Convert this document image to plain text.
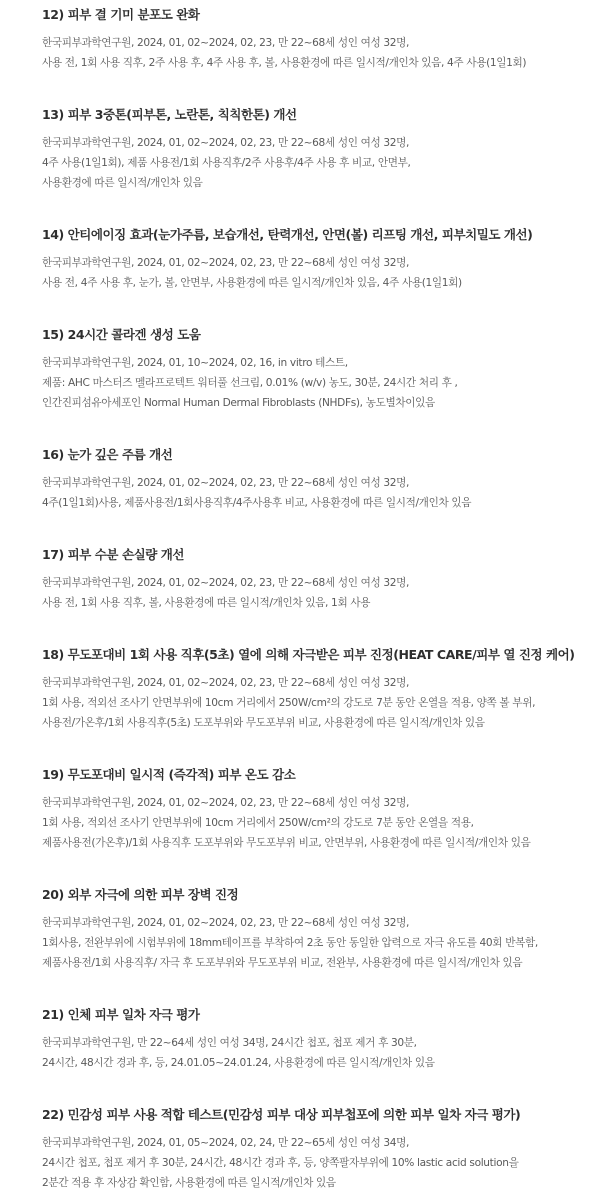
12) 피부 결 기미 분포도 완화
한국피부과학연구원, 2024, 01, 02~2024, 02, 23, 만 22~68세 성인 여성 32명,
사용 전, 1회 사용 직후, 2주 사용 후, 4주 사용 후, 볼, 사용환경에 따른 일시적/개인차 있음, 4주 사용(1일1회)
13) 피부 3중톤(피부톤, 노란톤, 칙칙한톤) 개선
한국피부과학연구원, 2024, 01, 02~2024, 02, 23, 만 22~68세 성인 여성 32명,
4주 사용(1일1회), 제품 사용전/1회 사용직후/2주 사용후/4주 사용 후 비교, 안면부,
사용환경에 따른 일시적/개인차 있음
14) 안티에이징 효과(눈가주름, 보습개선, 탄력개선, 안면(볼) 리프팅 개선, 피부치밀도 개선)
한국피부과학연구원, 2024, 01, 02~2024, 02, 23, 만 22~68세 성인 여성 32명,
사용 전, 4주 사용 후, 눈가, 볼, 안면부, 사용환경에 따른 일시적/개인차 있음, 4주 사용(1일1회)
15) 24시간 콜라겐 생성 도움
한국피부과학연구원, 2024, 01, 10~2024, 02, 16, in vitro 테스트,
제품: AHC 마스터즈 멜라프로텍트 워터풀 선크림, 0.01% (w/v) 농도, 30분, 24시간 처리 후 ,
인간진피섬유아세포인 Normal Human Dermal Fibroblasts (NHDFs), 농도별차이있음
16) 눈가 깊은 주름 개선
한국피부과학연구원, 2024, 01, 02~2024, 02, 23, 만 22~68세 성인 여성 32명,
4주(1일1회)사용, 제품사용전/1회사용직후/4주사용후 비교, 사용환경에 따른 일시적/개인차 있음
17) 피부 수분 손실량 개선
한국피부과학연구원, 2024, 01, 02~2024, 02, 23, 만 22~68세 성인 여성 32명,
사용 전, 1회 사용 직후, 볼, 사용환경에 따른 일시적/개인차 있음, 1회 사용
18) 무도포대비 1회 사용 직후(5초) 열에 의해 자극받은 피부 진정(HEAT CARE/피부 열 진정 케어)
한국피부과학연구원, 2024, 01, 02~2024, 02, 23, 만 22~68세 성인 여성 32명,
1회 사용, 적외선 조사기 안면부위에 10cm 거리에서 250W/cm²의 강도로 7분 동안 온열을 적용, 양쪽 볼 부위,
사용전/가온후/1회 사용직후(5초) 도포부위와 무도포부위 비교, 사용환경에 따른 일시적/개인차 있음
19) 무도포대비 일시적 (즉각적) 피부 온도 감소
한국피부과학연구원, 2024, 01, 02~2024, 02, 23, 만 22~68세 성인 여성 32명,
1회 사용, 적외선 조사기 안면부위에 10cm 거리에서 250W/cm²의 강도로 7분 동안 온열을 적용,
제품사용전(가온후)/1회 사용직후 도포부위와 무도포부위 비교, 안면부위, 사용환경에 따른 일시적/개인차 있음
20) 외부 자극에 의한 피부 장벽 진정
한국피부과학연구원, 2024, 01, 02~2024, 02, 23, 만 22~68세 성인 여성 32명,
1회사용, 전완부위에 시험부위에 18mm테이프를 부착하여 2초 동안 동일한 압력으로 자극 유도를 40회 반복함,
제품사용전/1회 사용직후/ 자극 후 도포부위와 무도포부위 비교, 전완부, 사용환경에 따른 일시적/개인차 있음
21) 인체 피부 일차 자극 평가
한국피부과학연구원, 만 22~64세 성인 여성 34명, 24시간 첩포, 첩포 제거 후 30분,
24시간, 48시간 경과 후, 등, 24.01.05~24.01.24, 사용환경에 따른 일시적/개인차 있음
22) 민감성 피부 사용 적합 테스트(민감성 피부 대상 피부첩포에 의한 피부 일차 자극 평가)
한국피부과학연구원, 2024, 01, 05~2024, 02, 24, 만 22~65세 성인 여성 34명,
24시간 첩포, 첩포 제거 후 30분, 24시간, 48시간 경과 후, 등, 양쪽팔자부위에 10% lastic acid solution을
2분간 적용 후 자상감 확인함, 사용환경에 따른 일시적/개인차 있음
